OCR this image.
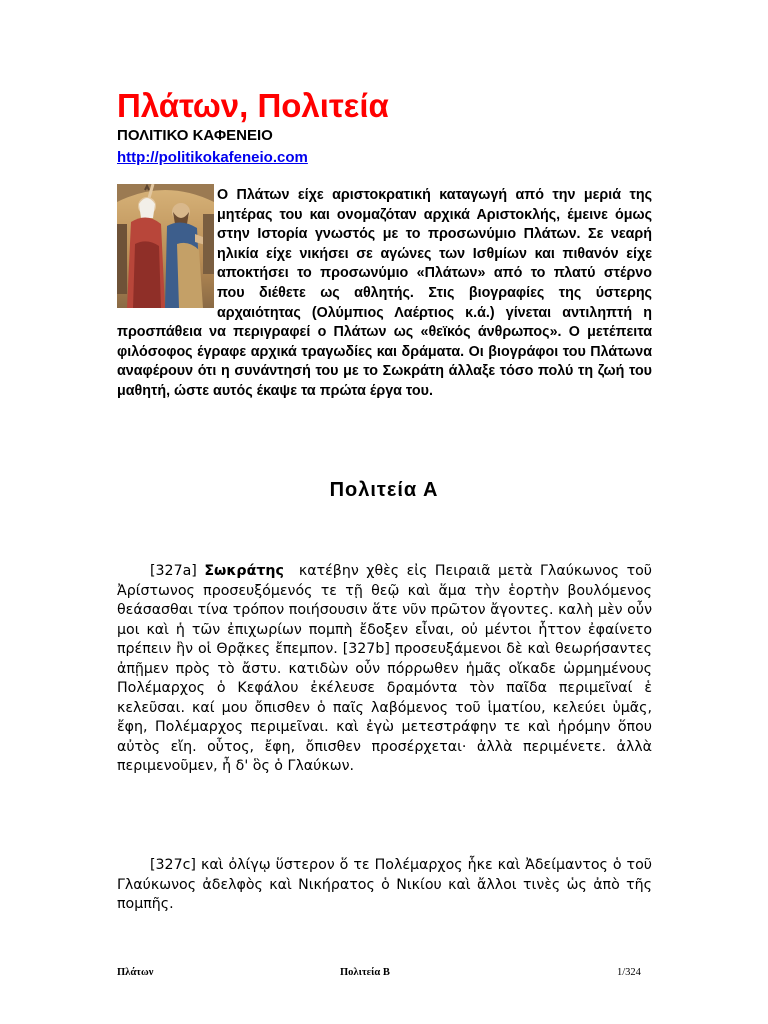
Πλάτων, Πολιτεία
ΠΟΛΙΤΙΚΟ ΚΑΦΕΝΕΙΟ
http://politikokafeneio.com
Ο Πλάτων είχε αριστοκρατική καταγωγή από την μεριά της μητέρας του και ονομαζόταν αρχικά Αριστοκλής, έμεινε όμως στην Ιστορία γνωστός με το προσωνύμιο Πλάτων. Σε νεαρή ηλικία είχε νικήσει σε αγώνες των Ισθμίων και πιθανόν είχε αποκτήσει το προσωνύμιο «Πλάτων» από το πλατύ στέρνο που διέθετε ως αθλητής. Στις βιογραφίες της ύστερης αρχαιότητας (Ολύμπιος Λαέρτιος κ.ά.) γίνεται αντιληπτή η προσπάθεια να περιγραφεί ο Πλάτων ως «θεϊκός άνθρωπος». Ο μετέπειτα φιλόσοφος έγραφε αρχικά τραγωδίες και δράματα. Οι βιογράφοι του Πλάτωνα αναφέρουν ότι η συνάντησή του με το Σωκράτη άλλαξε τόσο πολύ τη ζωή του μαθητή, ώστε αυτός έκαψε τα πρώτα έργα του.
Πολιτεία Α

[327a] Σωκράτης κατέβην χθὲς εἰς Πειραιᾶ μετὰ Γλαύκωνος τοῦ Ἀρίστωνος προσευξόμενός τε τῇ θεῷ καὶ ἅμα τὴν ἑορτὴν βουλόμενος θεάσασθαι τίνα τρόπον ποιήσουσιν ἅτε νῦν πρῶτον ἄγοντες. καλὴ μὲν οὖν μοι καὶ ἡ τῶν ἐπιχωρίων πομπὴ ἔδοξεν εἶναι, οὐ μέντοι ἧττον ἐφαίνετο πρέπειν ἣν οἱ Θρᾷκες ἔπεμπον. [327b] προσευξάμενοι δὲ καὶ θεωρήσαντες ἀπῇμεν πρὸς τὸ ἄστυ. κατιδὼν οὖν πόρρωθεν ἡμᾶς οἴκαδε ὡρμημένους Πολέμαρχος ὁ Κεφάλου ἐκέλευσε δραμόντα τὸν παῖδα περιμεῖναί ἑ κελεῦσαι. καί μου ὄπισθεν ὁ παῖς λαβόμενος τοῦ ἱματίου, κελεύει ὑμᾶς, ἔφη, Πολέμαρχος περιμεῖναι. καὶ ἐγὼ μετεστράφην τε καὶ ἠρόμην ὅπου αὐτὸς εἴη. οὗτος, ἔφη, ὄπισθεν προσέρχεται· ἀλλὰ περιμένετε. ἀλλὰ περιμενοῦμεν, ἦ δ' ὃς ὁ Γλαύκων.

[327c] καὶ ὀλίγῳ ὕστερον ὅ τε Πολέμαρχος ἧκε καὶ Ἀδείμαντος ὁ τοῦ Γλαύκωνος ἀδελφὸς καὶ Νικήρατος ὁ Νικίου καὶ ἄλλοι τινὲς ὡς ἀπὸ τῆς πομπῆς.

Πλάτων	Πολιτεία Β	1/324
